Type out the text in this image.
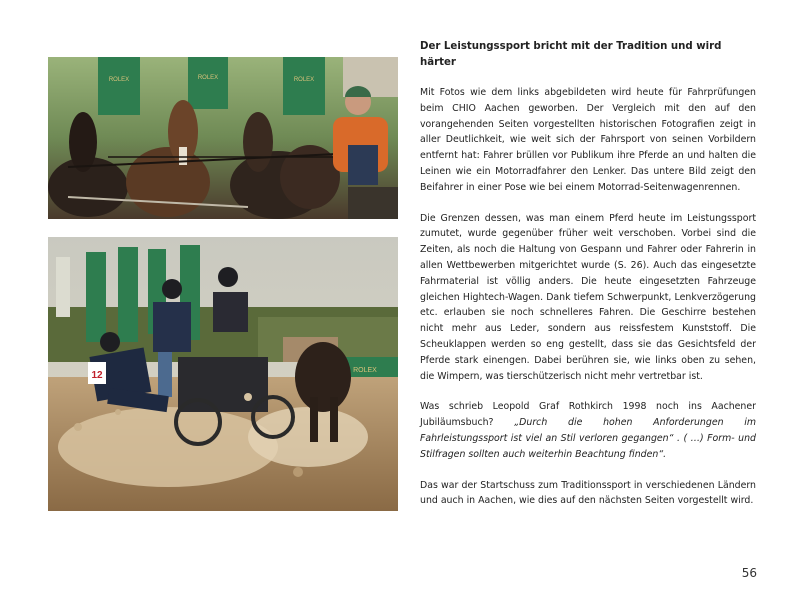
ROLEX	ROLEX	ROLEX
ROLEX
12
Der Leistungssport bricht mit der Tradition und wird härter

Mit Fotos wie dem links abgebildeten wird heute für Fahrprüfungen beim CHIO Aachen geworben. Der Vergleich mit den auf den vorangehenden Seiten vorgestellten historischen Fotografien zeigt in aller Deutlichkeit, wie weit sich der Fahrsport von seinen Vorbildern entfernt hat: Fahrer brüllen vor Publikum ihre Pferde an und halten die Leinen wie ein Motorradfahrer den Lenker. Das untere Bild zeigt den Beifahrer in einer Pose wie bei einem Motorrad-Seitenwagenrennen.

Die Grenzen dessen, was man einem Pferd heute im Leistungssport zumutet, wurde gegenüber früher weit verschoben. Vorbei sind die Zeiten, als noch die Haltung von Gespann und Fahrer oder Fahrerin in allen Wettbewerben mitgerichtet wurde (S. 26). Auch das eingesetzte Fahrmaterial ist völlig anders. Die heute eingesetzten Fahrzeuge gleichen Hightech-Wagen. Dank tiefem Schwerpunkt, Lenkverzögerung etc. erlauben sie noch schnelleres Fahren. Die Geschirre bestehen nicht mehr aus Leder, sondern aus reissfestem Kunststoff. Die Scheuklappen werden so eng gestellt, dass sie das Gesichtsfeld der Pferde stark einengen. Dabei berühren sie, wie links oben zu sehen, die Wimpern, was tierschützerisch nicht mehr vertretbar ist.

Was schrieb Leopold Graf Rothkirch 1998 noch ins Aachener Jubiläumsbuch? „Durch die hohen Anforderungen im Fahrleistungssport ist viel an Stil verloren gegangen“ . ( …) Form- und Stilfragen sollten auch weiterhin Beachtung finden“.

Das war der Startschuss zum Traditionssport in verschiedenen Ländern und auch in Aachen, wie dies auf den nächsten Seiten vorgestellt wird.

56
